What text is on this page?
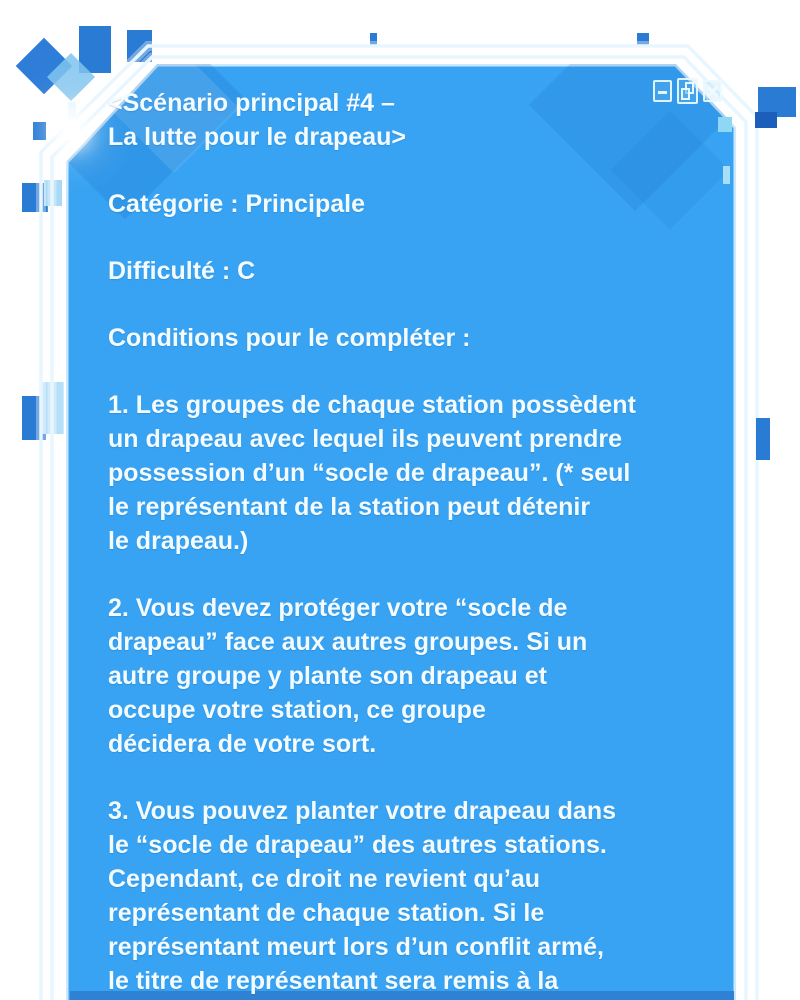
<Scénario principal #4 –
La lutte pour le drapeau>
Catégorie : Principale
Difficulté : C
Conditions pour le compléter :
1. Les groupes de chaque station possèdent
un drapeau avec lequel ils peuvent prendre
possession d’un “socle de drapeau”. (* seul
le représentant de la station peut détenir
le drapeau.)
2. Vous devez protéger votre “socle de
drapeau” face aux autres groupes. Si un
autre groupe y plante son drapeau et
occupe votre station, ce groupe
décidera de votre sort.
3. Vous pouvez planter votre drapeau dans
le “socle de drapeau” des autres stations.
Cependant, ce droit ne revient qu’au
représentant de chaque station. Si le
représentant meurt lors d’un conflit armé,
le titre de représentant sera remis à la
